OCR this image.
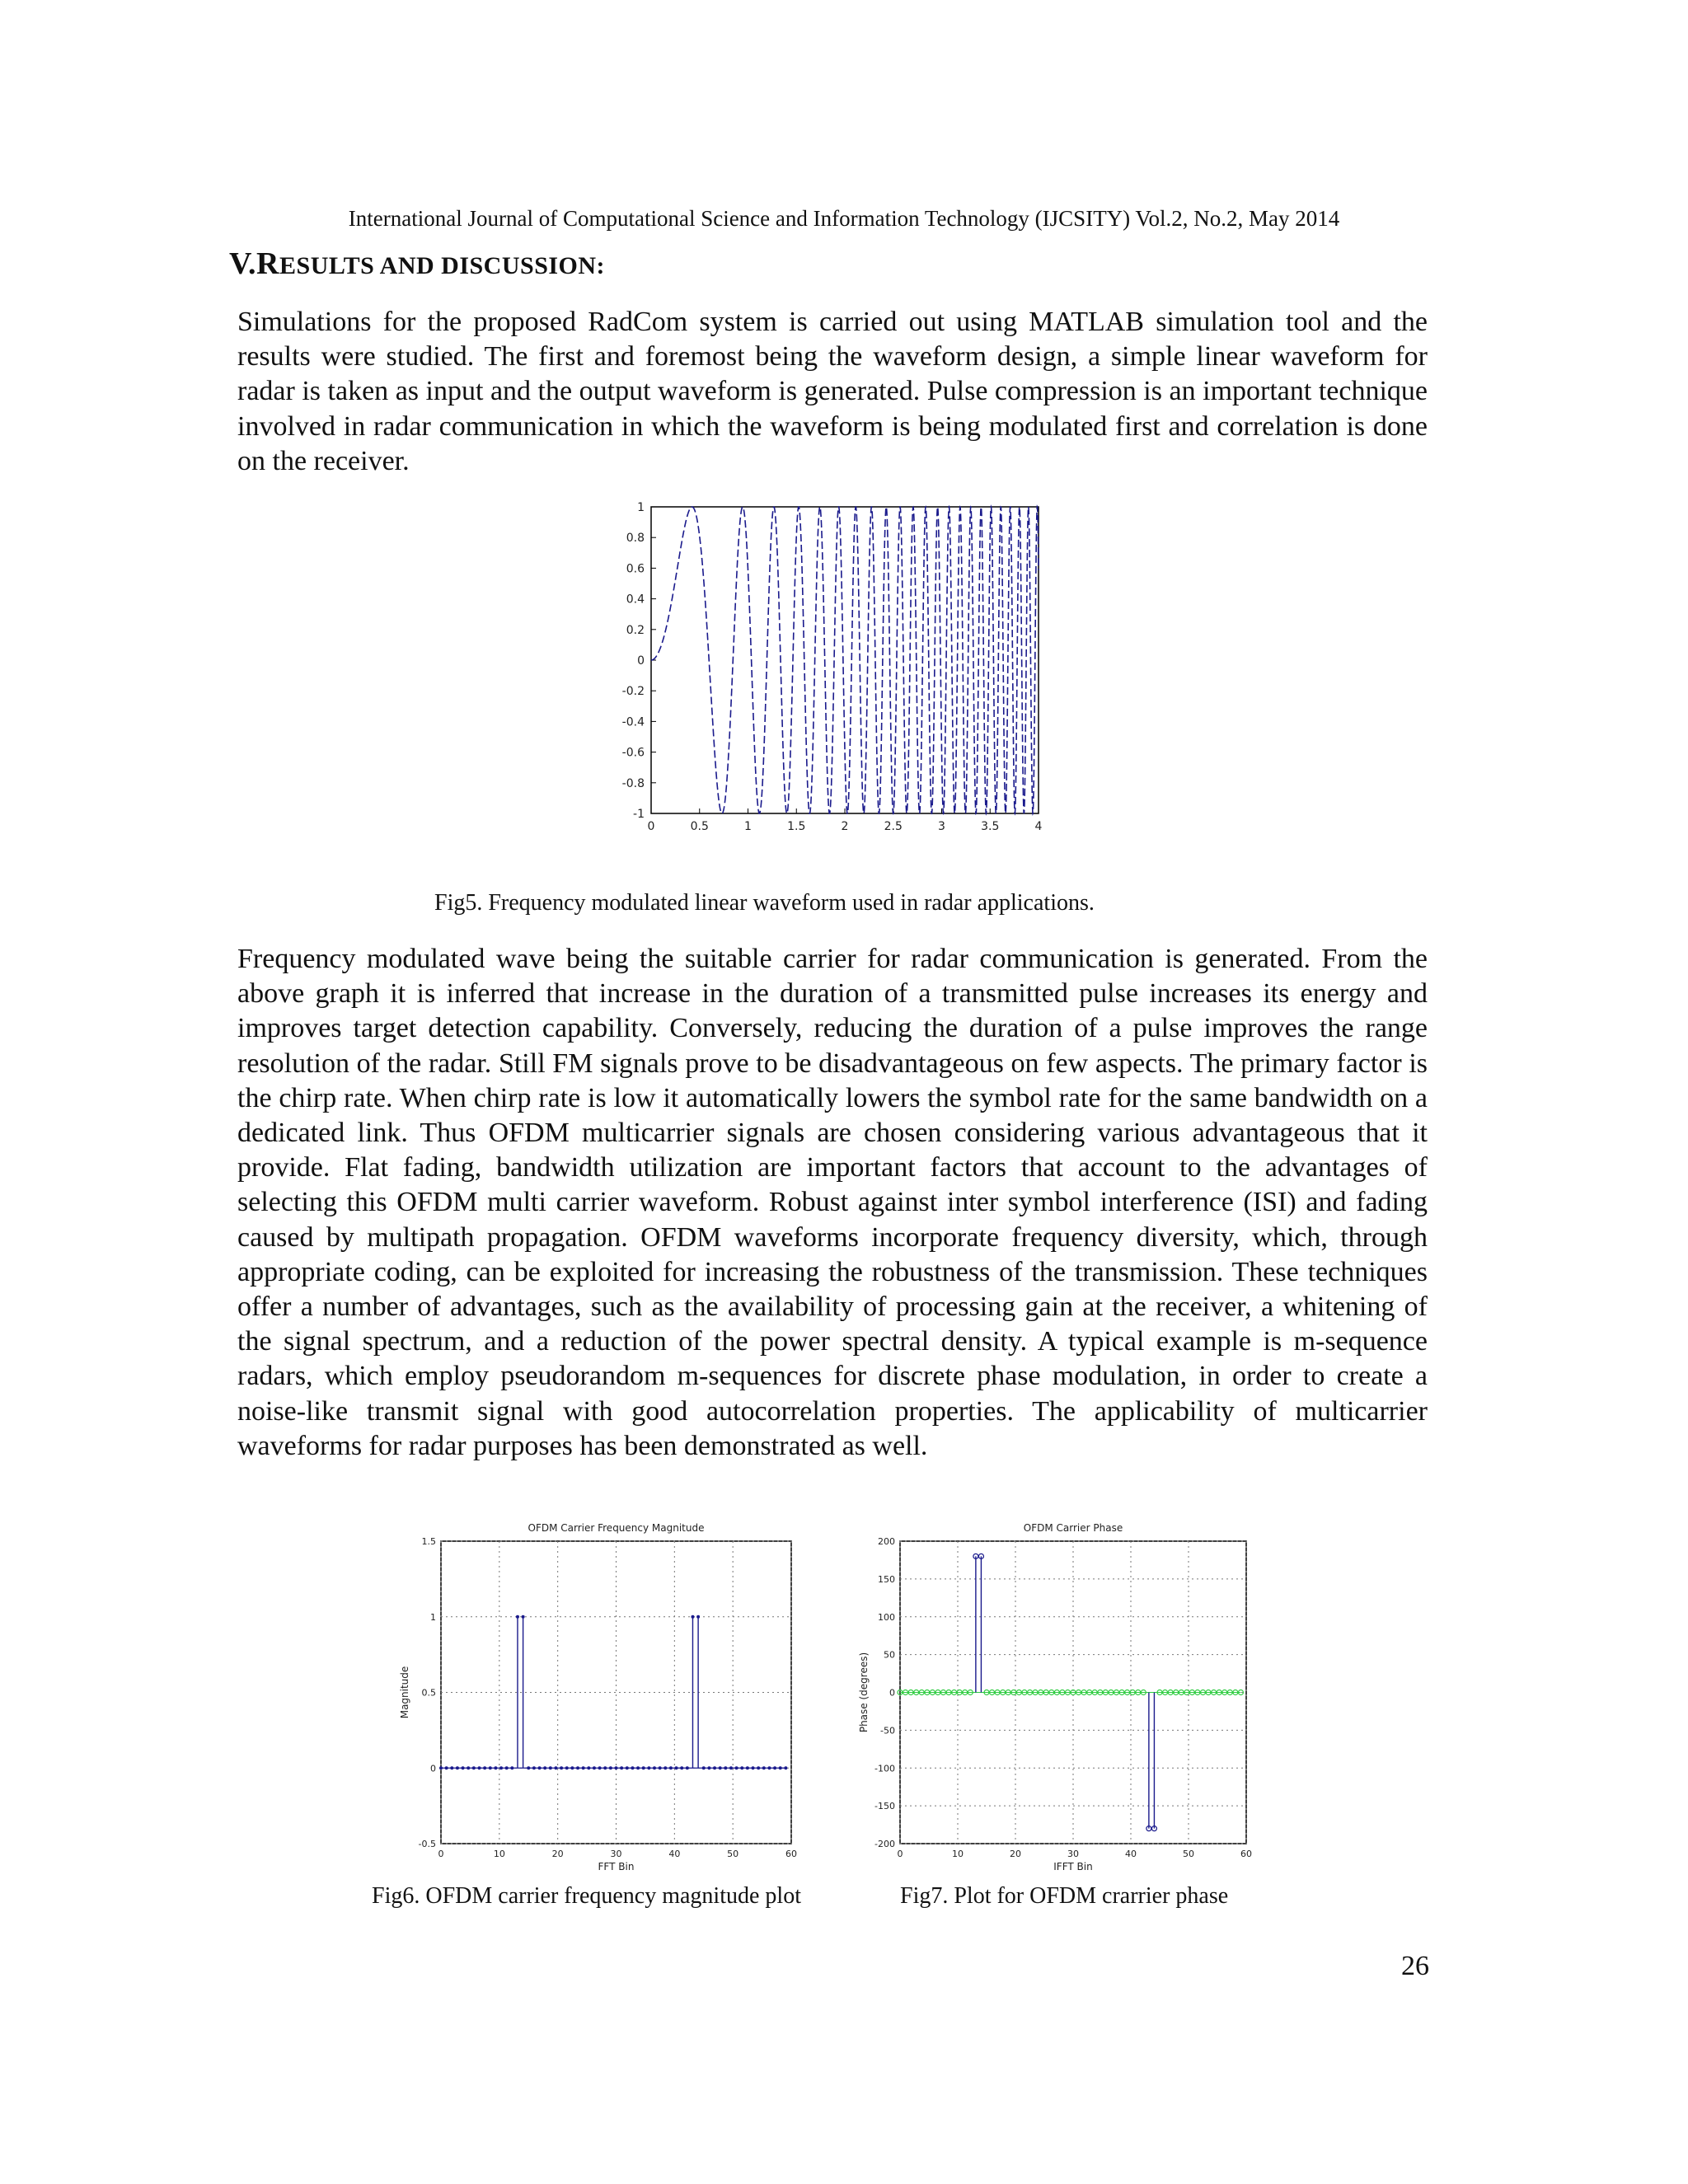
International Journal of Computational Science and Information Technology (IJCSITY) Vol.2, No.2, May 2014
V.RESULTS AND DISCUSSION:

Simulations for the proposed RadCom system is carried out using MATLAB simulation tool and the results were studied. The first and foremost being the waveform design, a simple linear waveform for radar is taken as input and the output waveform is generated. Pulse compression is an important technique involved in radar communication in which the waveform is being modulated first and correlation is done on the receiver.

1
0.8
0.6
0.4
0.2
0
-0.2
-0.4
-0.6
-0.8
-1
0	0.5	1	1.5	2	2.5	3	3.5	4
Fig5. Frequency modulated linear waveform used in radar applications.

Frequency modulated wave being the suitable carrier for radar communication is generated. From the above graph it is inferred that increase in the duration of a transmitted pulse increases its energy and improves target detection capability. Conversely, reducing the duration of a pulse improves the range resolution of the radar. Still FM signals prove to be disadvantageous on few aspects. The primary factor is the chirp rate. When chirp rate is low it automatically lowers the symbol rate for the same bandwidth on a dedicated link. Thus OFDM multicarrier signals are chosen considering various advantageous that it provide. Flat fading, bandwidth utilization are important factors that account to the advantages of selecting this OFDM multi carrier waveform. Robust against inter symbol interference (ISI) and fading caused by multipath propagation. OFDM waveforms incorporate frequency diversity, which, through appropriate coding, can be exploited for increasing the robustness of the transmission. These techniques offer a number of advantages, such as the availability of processing gain at the receiver, a whitening of the signal spectrum, and a reduction of the power spectral density. A typical example is m-sequence radars, which employ pseudorandom m-sequences for discrete phase modulation, in order to create a noise-like transmit signal with good autocorrelation properties. The applicability of multicarrier waveforms for radar purposes has been demonstrated as well.

OFDM Carrier Frequency Magnitude
1.5
1
0.5
0
-0.5
0	10	20	30	40	50	60
FFT Bin
Magnitude
OFDM Carrier Phase
200
150
100
50
0
-50
-100
-150
-200
0	10	20	30	40	50	60
IFFT Bin
Phase (degrees)
Fig6. OFDM carrier frequency magnitude plot	Fig7. Plot for OFDM crarrier phase
26
